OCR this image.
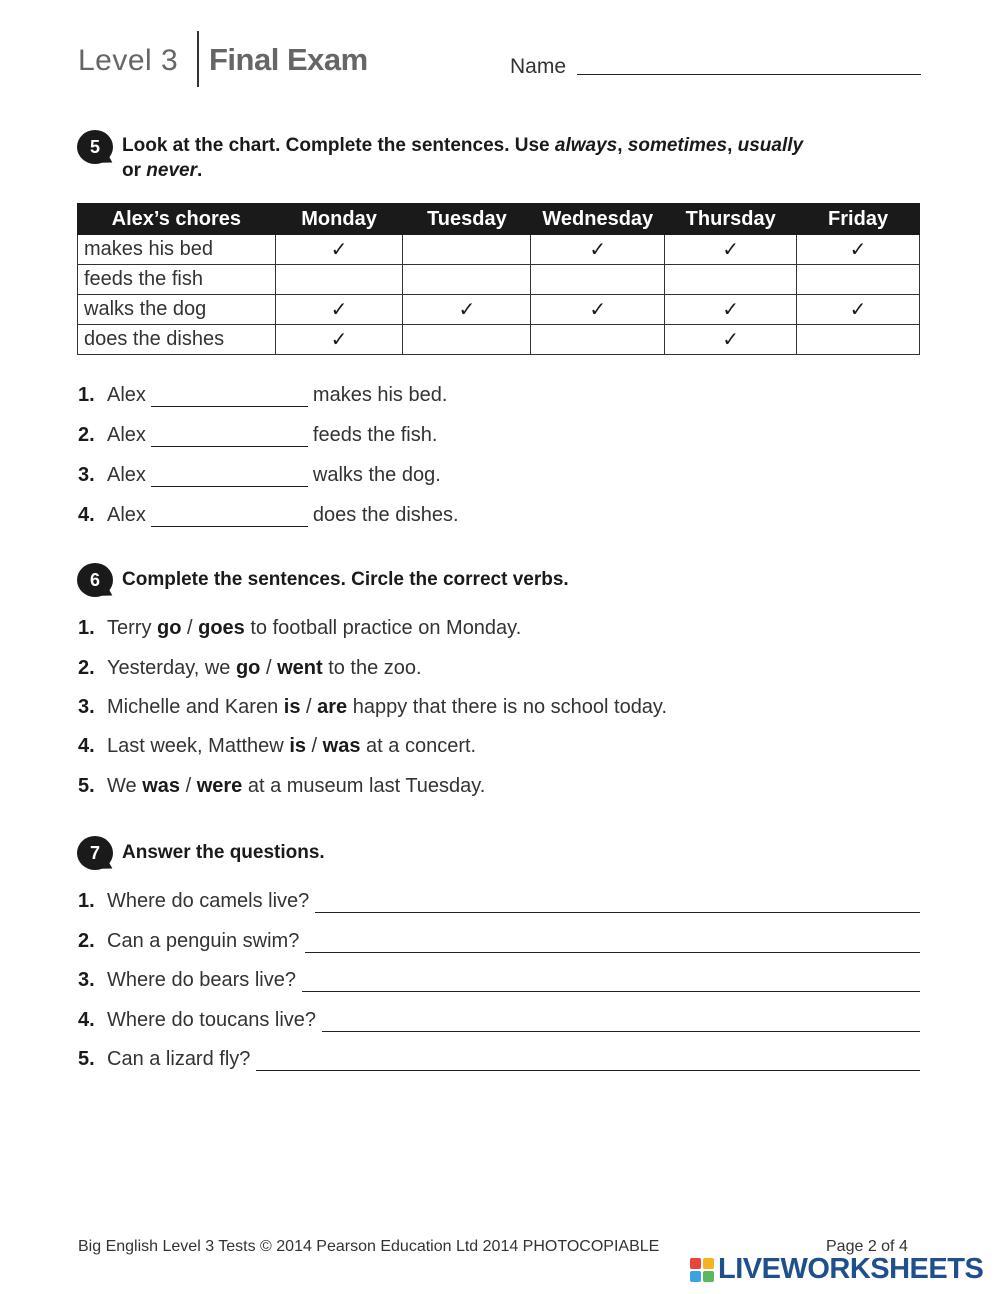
Level 3 Final Exam	Name
5	Look at the chart. Complete the sentences. Use always, sometimes, usually
or never.
Alex’s chores	Monday	Tuesday	Wednesday	Thursday	Friday
makes his bed	✓		✓	✓	✓
feeds the fish					
walks the dog	✓	✓	✓	✓	✓
does the dishes	✓			✓	
1. Alex	makes his bed.
2. Alex	feeds the fish.
3. Alex	walks the dog.
4. Alex	does the dishes.
6	Complete the sentences. Circle the correct verbs.
1. Terry go / goes to football practice on Monday.
2. Yesterday, we go / went to the zoo.
3. Michelle and Karen is / are happy that there is no school today.
4. Last week, Matthew is / was at a concert.
5. We was / were at a museum last Tuesday.
7	Answer the questions.
1. Where do camels live?
2. Can a penguin swim?
3. Where do bears live?
4. Where do toucans live?
5. Can a lizard fly?
Big English Level 3 Tests © 2014 Pearson Education Ltd 2014 PHOTOCOPIABLE	Page 2 of 4
LIVEWORKSHEETS
